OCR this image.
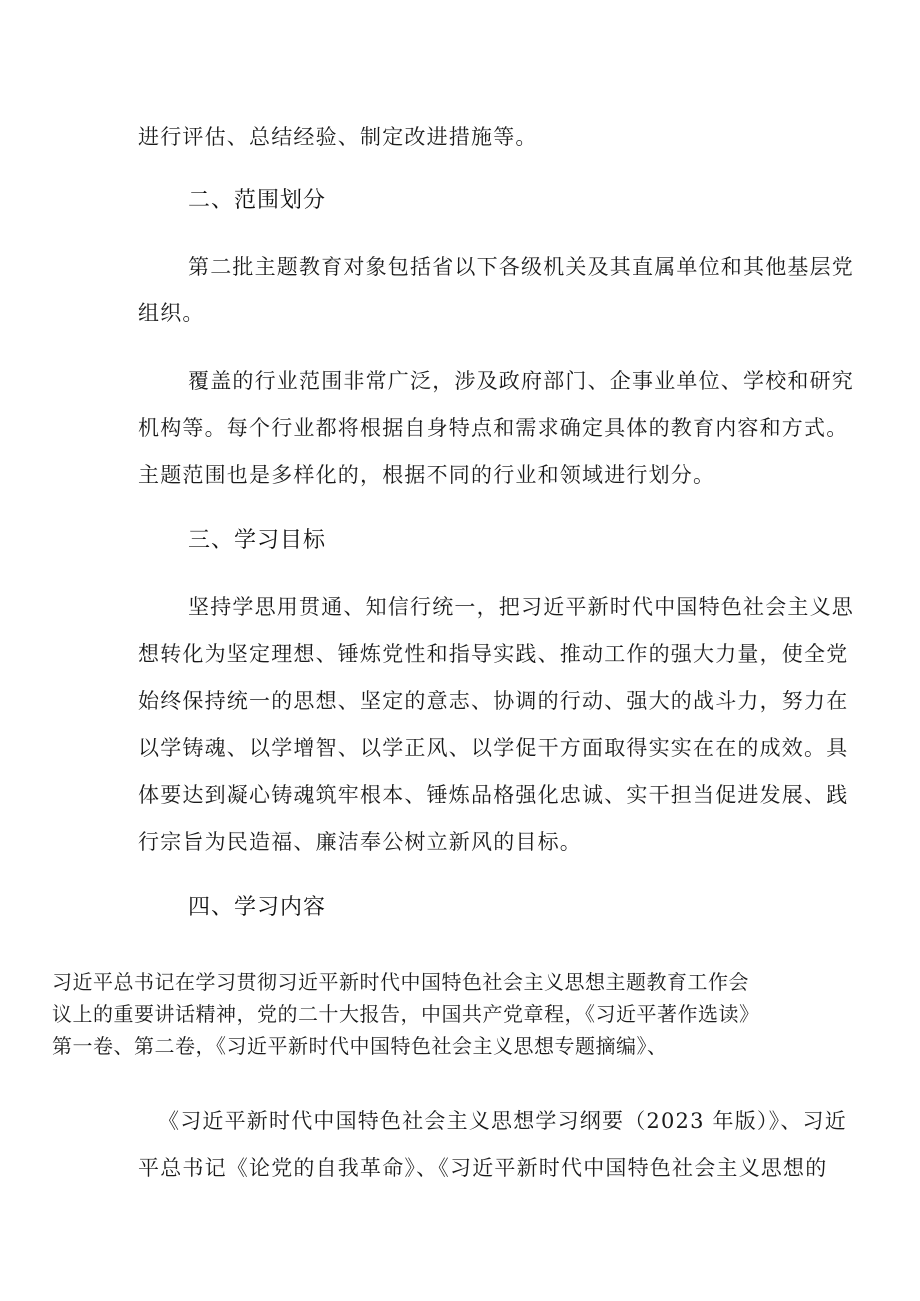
进行评估、总结经验、制定改进措施等。
二、范围划分
第二批主题教育对象包括省以下各级机关及其直属单位和其他基层党
组织。
覆盖的行业范围非常广泛，涉及政府部门、企事业单位、学校和研究
机构等。每个行业都将根据自身特点和需求确定具体的教育内容和方式。
主题范围也是多样化的，根据不同的行业和领域进行划分。
三、学习目标
坚持学思用贯通、知信行统一，把习近平新时代中国特色社会主义思
想转化为坚定理想、锤炼党性和指导实践、推动工作的强大力量，使全党
始终保持统一的思想、坚定的意志、协调的行动、强大的战斗力，努力在
以学铸魂、以学增智、以学正风、以学促干方面取得实实在在的成效。具
体要达到凝心铸魂筑牢根本、锤炼品格强化忠诚、实干担当促进发展、践
行宗旨为民造福、廉洁奉公树立新风的目标。
四、学习内容
习近平总书记在学习贯彻习近平新时代中国特色社会主义思想主题教育工作会议上的重要讲话精神，党的二十大报告，中国共产党章程，《习近平著作选读》第一卷、第二卷，《习近平新时代中国特色社会主义思想专题摘编》、
《习近平新时代中国特色社会主义思想学习纲要（2023 年版）》、习近
平总书记《论党的自我革命》、《习近平新时代中国特色社会主义思想的
